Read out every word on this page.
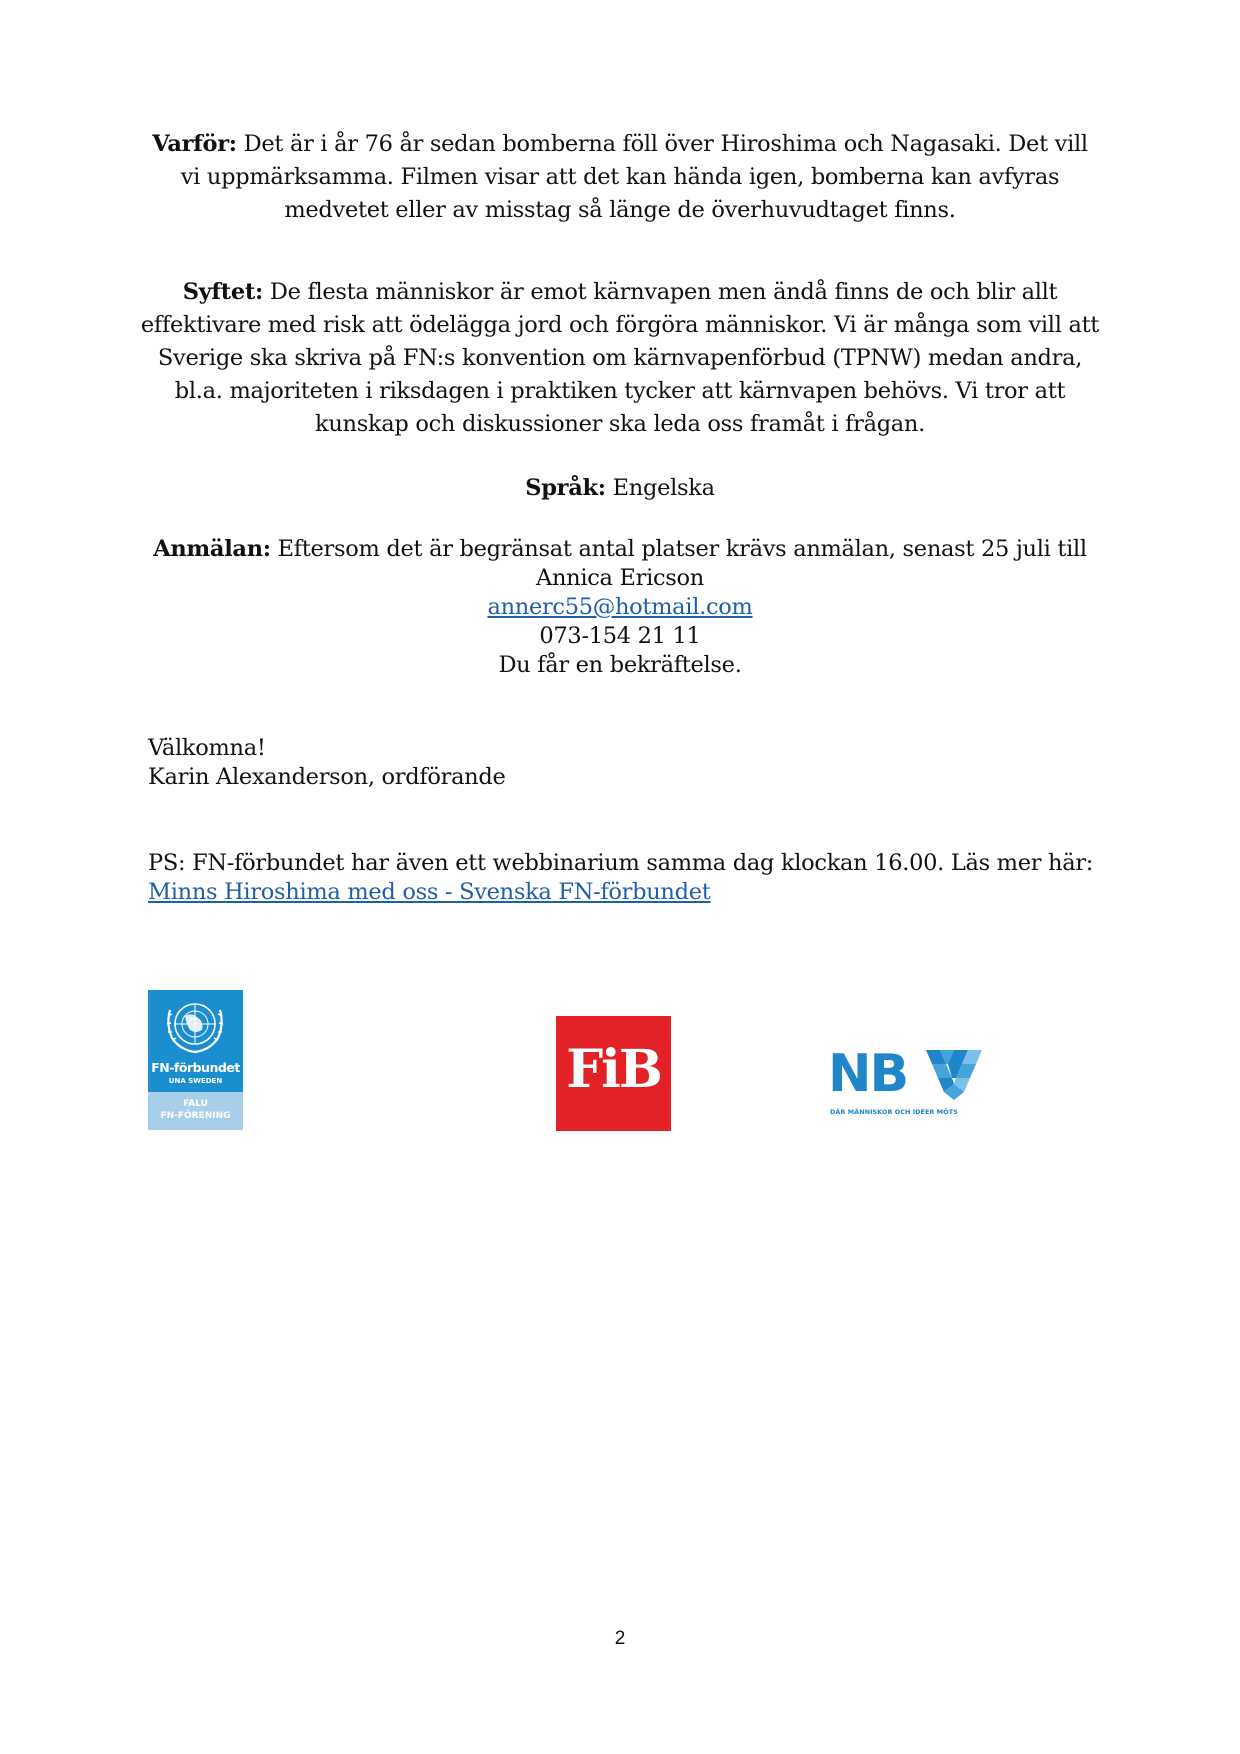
Varför: Det är i år 76 år sedan bomberna föll över Hiroshima och Nagasaki. Det vill
vi uppmärksamma. Filmen visar att det kan hända igen, bomberna kan avfyras
medvetet eller av misstag så länge de överhuvudtaget finns.
Syftet: De flesta människor är emot kärnvapen men ändå finns de och blir allt
effektivare med risk att ödelägga jord och förgöra människor. Vi är många som vill att
Sverige ska skriva på FN:s konvention om kärnvapenförbud (TPNW) medan andra,
bl.a. majoriteten i riksdagen i praktiken tycker att kärnvapen behövs. Vi tror att
kunskap och diskussioner ska leda oss framåt i frågan.
Språk: Engelska
Anmälan: Eftersom det är begränsat antal platser krävs anmälan, senast 25 juli till
Annica Ericson
annerc55@hotmail.com
073-154 21 11
Du får en bekräftelse.
Välkomna!
Karin Alexanderson, ordförande
PS: FN-förbundet har även ett webbinarium samma dag klockan 16.00. Läs mer här:
Minns Hiroshima med oss - Svenska FN-förbundet
FN-förbundet
UNA SWEDEN
FALU
FN-FÖRENING
FiB	NB
DÄR MÄNNISKOR OCH IDÉER MÖTS
2
